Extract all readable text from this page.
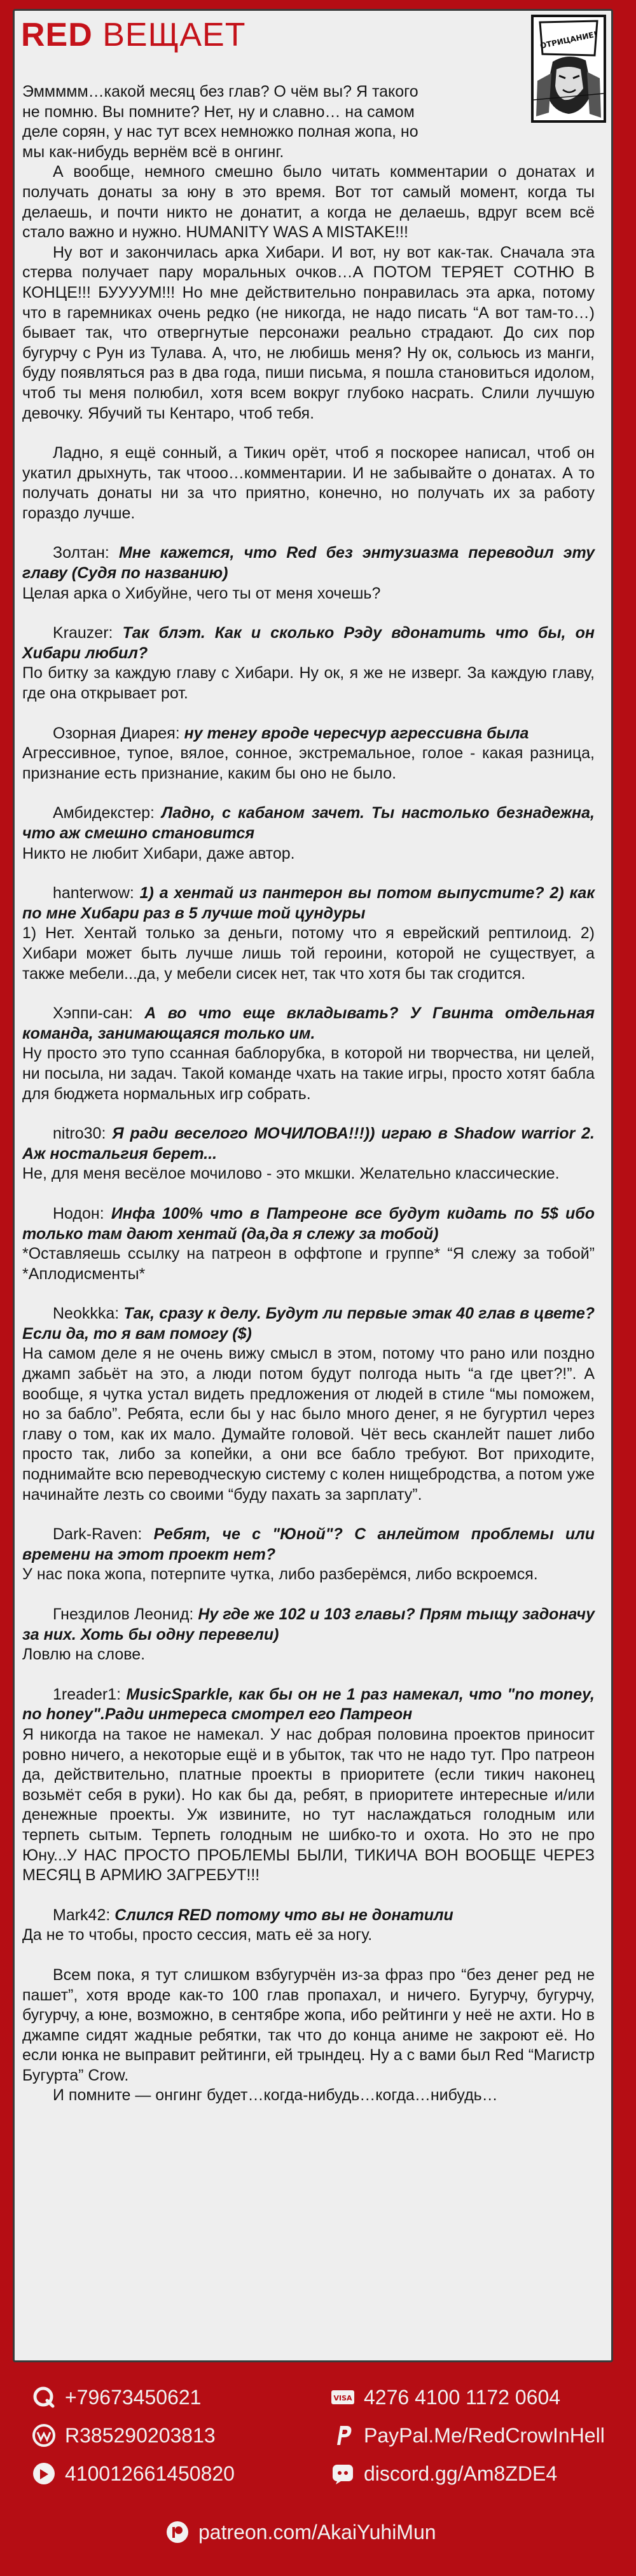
RED ВЕЩАЕТ	ОТРИЦАНИЕ!

Эммммм…какой месяц без глав? О чём вы? Я такого не помню. Вы помните? Нет, ну и славно… на самом деле сорян, у нас тут всех немножко полная жопа, но мы как-нибудь вернём всё в онгинг.

А вообще, немного смешно было читать комментарии о донатах и получать донаты за юну в это время. Вот тот самый момент, когда ты делаешь, и почти никто не донатит, а когда не делаешь, вдруг всем всё стало важно и нужно. HUMANITY WAS A MISTAKE!!!

Ну вот и закончилась арка Хибари. И вот, ну вот как-так. Сначала эта стерва получает пару моральных очков…А ПОТОМ ТЕРЯЕТ СОТНЮ В КОНЦЕ!!! БУУУУМ!!! Но мне действительно понравилась эта арка, потому что в гаремниках очень редко (не никогда, не надо писать “А вот там-то…) бывает так, что отвергнутые персонажи реально страдают. До сих пор бугурчу с Рун из Тулава. А, что, не любишь меня? Ну ок, сольюсь из манги, буду появляться раз в два года, пиши письма, я пошла становиться идолом, чтоб ты меня полюбил, хотя всем вокруг глубоко насрать. Слили лучшую девочку. Ябучий ты Кентаро, чтоб тебя.

Ладно, я ещё сонный, а Тикич орёт, чтоб я поскорее написал, чтоб он укатил дрыхнуть, так чтооо…комментарии. И не забывайте о донатах. А то получать донаты ни за что приятно, конечно, но получать их за работу гораздо лучше.

Золтан: Мне кажется, что Red без энтузиазма переводил эту главу (Судя по названию)

Целая арка о Хибуйне, чего ты от меня хочешь?

Krauzer: Так блэт. Как и сколько Рэду вдонатить что бы, он Хибари любил?

По битку за каждую главу с Хибари. Ну ок, я же не изверг. За каждую главу, где она открывает рот.

Озорная Диарея: ну тенгу вроде чересчур агрессивна была

Агрессивное, тупое, вялое, сонное, экстремальное, голое - какая разница, признание есть признание, каким бы оно не было.

Амбидекстер: Ладно, с кабаном зачет. Ты настолько безнадежна, что аж смешно становится

Никто не любит Хибари, даже автор.

hanterwow: 1) а хентай из пантерон вы потом выпустите? 2) как по мне Хибари раз в 5 лучше той цундуры

1) Нет. Хентай только за деньги, потому что я еврейский рептилоид. 2) Хибари может быть лучше лишь той героини, которой не существует, а также мебели...да, у мебели сисек нет, так что хотя бы так сгодится.

Хэппи-сан: А во что еще вкладывать? У Гвинта отдельная команда, занимающаяся только им.

Ну просто это тупо ссанная баблорубка, в которой ни творчества, ни целей, ни посыла, ни задач. Такой команде чхать на такие игры, просто хотят бабла для бюджета нормальных игр собрать.

nitro30: Я ради веселого МОЧИЛОВА!!!)) играю в Shadow warrior 2. Аж ностальгия берет...

Не, для меня весёлое мочилово - это мкшки. Желательно классические.

Нодон: Инфа 100% что в Патреоне все будут кидать по 5$ ибо только там дают хентай (да,да я слежу за тобой)

*Оставляешь ссылку на патреон в оффтопе и группе* “Я слежу за тобой” *Аплодисменты*

Neokkka: Так, сразу к делу. Будут ли первые этак 40 глав в цвете? Если да, то я вам помогу ($)

На самом деле я не очень вижу смысл в этом, потому что рано или поздно джамп забьёт на это, а люди потом будут полгода ныть “а где цвет?!”. А вообще, я чутка устал видеть предложения от людей в стиле “мы поможем, но за бабло”. Ребята, если бы у нас было много денег, я не бугуртил через главу о том, как их мало. Думайте головой. Чёт весь сканлейт пашет либо просто так, либо за копейки, а они все бабло требуют. Вот приходите, поднимайте всю переводческую систему с колен нищебродства, а потом уже начинайте лезть со своими “буду пахать за зарплату”.

Dark-Raven: Ребят, че с "Юной"? С анлейтом проблемы или времени на этот проект нет?

У нас пока жопа, потерпите чутка, либо разберёмся, либо вскроемся.

Гнездилов Леонид: Ну где же 102 и 103 главы? Прям тыщу задоначу за них. Хоть бы одну перевели)

Ловлю на слове.

1reader1: MusicSparkle, как бы он не 1 раз намекал, что "no money, no honey".Ради интереса смотрел его Патреон

Я никогда на такое не намекал. У нас добрая половина проектов приносит ровно ничего, а некоторые ещё и в убыток, так что не надо тут. Про патреон да, действительно, платные проекты в приоритете (если тикич наконец возьмёт себя в руки). Но как бы да, ребят, в приоритете интересные и/или денежные проекты. Уж извините, но тут наслаждаться голодным или терпеть сытым. Терпеть голодным не шибко-то и охота. Но это не про Юну...У НАС ПРОСТО ПРОБЛЕМЫ БЫЛИ, ТИКИЧА ВОН ВООБЩЕ ЧЕРЕЗ МЕСЯЦ В АРМИЮ ЗАГРЕБУТ!!!

Mark42: Слился RED потому что вы не донатили

Да не то чтобы, просто сессия, мать её за ногу.

Всем пока, я тут слишком взбугурчён из-за фраз про “без денег ред не пашет”, хотя вроде как-то 100 глав пропахал, и ничего. Бугурчу, бугурчу, бугурчу, а юне, возможно, в сентябре жопа, ибо рейтинги у неё не ахти. Но в джампе сидят жадные ребятки, так что до конца аниме не закроют её. Но если юнка не выправит рейтинги, ей трындец. Ну а с вами был Red “Магистр Бугурта” Crow.

И помните — онгинг будет…когда-нибудь…когда…нибудь…

+79673450621
R385290203813
410012661450820
VISA 4276 4100 1172 0604
PayPal.Me/RedCrowInHell
discord.gg/Am8ZDE4
patreon.com/AkaiYuhiMun
